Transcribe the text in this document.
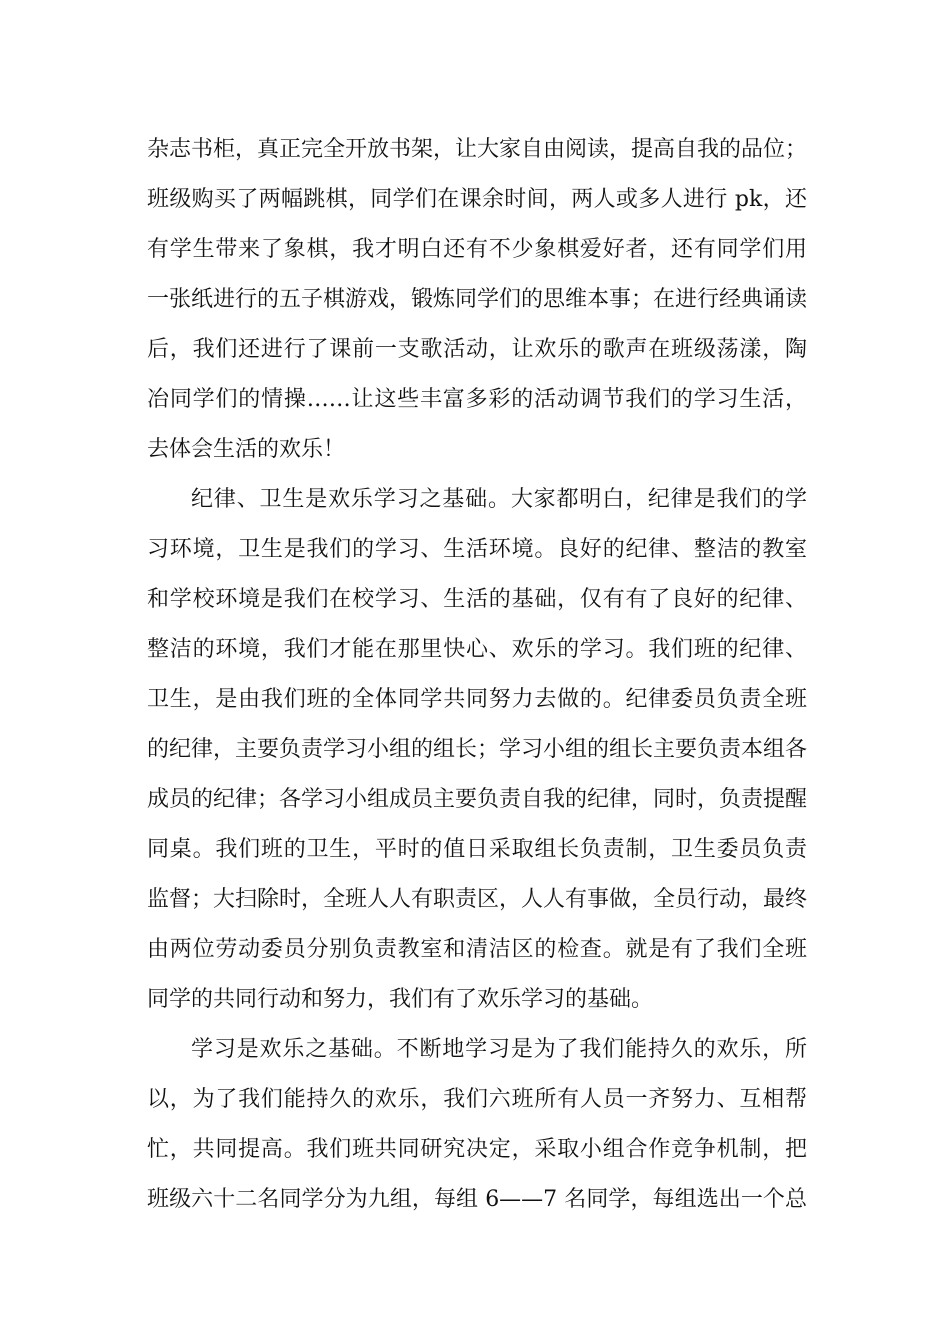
杂志书柜，真正完全开放书架，让大家自由阅读，提高自我的品位；
班级购买了两幅跳棋，同学们在课余时间，两人或多人进行 pk，还
有学生带来了象棋，我才明白还有不少象棋爱好者，还有同学们用
一张纸进行的五子棋游戏，锻炼同学们的思维本事；在进行经典诵读
后，我们还进行了课前一支歌活动，让欢乐的歌声在班级荡漾，陶
冶同学们的情操……让这些丰富多彩的活动调节我们的学习生活，
去体会生活的欢乐！
纪律、卫生是欢乐学习之基础。大家都明白，纪律是我们的学
习环境，卫生是我们的学习、生活环境。良好的纪律、整洁的教室
和学校环境是我们在校学习、生活的基础，仅有有了良好的纪律、
整洁的环境，我们才能在那里快心、欢乐的学习。我们班的纪律、
卫生，是由我们班的全体同学共同努力去做的。纪律委员负责全班
的纪律，主要负责学习小组的组长；学习小组的组长主要负责本组各
成员的纪律；各学习小组成员主要负责自我的纪律，同时，负责提醒
同桌。我们班的卫生，平时的值日采取组长负责制，卫生委员负责
监督；大扫除时，全班人人有职责区，人人有事做，全员行动，最终
由两位劳动委员分别负责教室和清洁区的检查。就是有了我们全班
同学的共同行动和努力，我们有了欢乐学习的基础。
学习是欢乐之基础。不断地学习是为了我们能持久的欢乐，所
以，为了我们能持久的欢乐，我们六班所有人员一齐努力、互相帮
忙，共同提高。我们班共同研究决定，采取小组合作竞争机制，把
班级六十二名同学分为九组，每组 6——7 名同学，每组选出一个总
